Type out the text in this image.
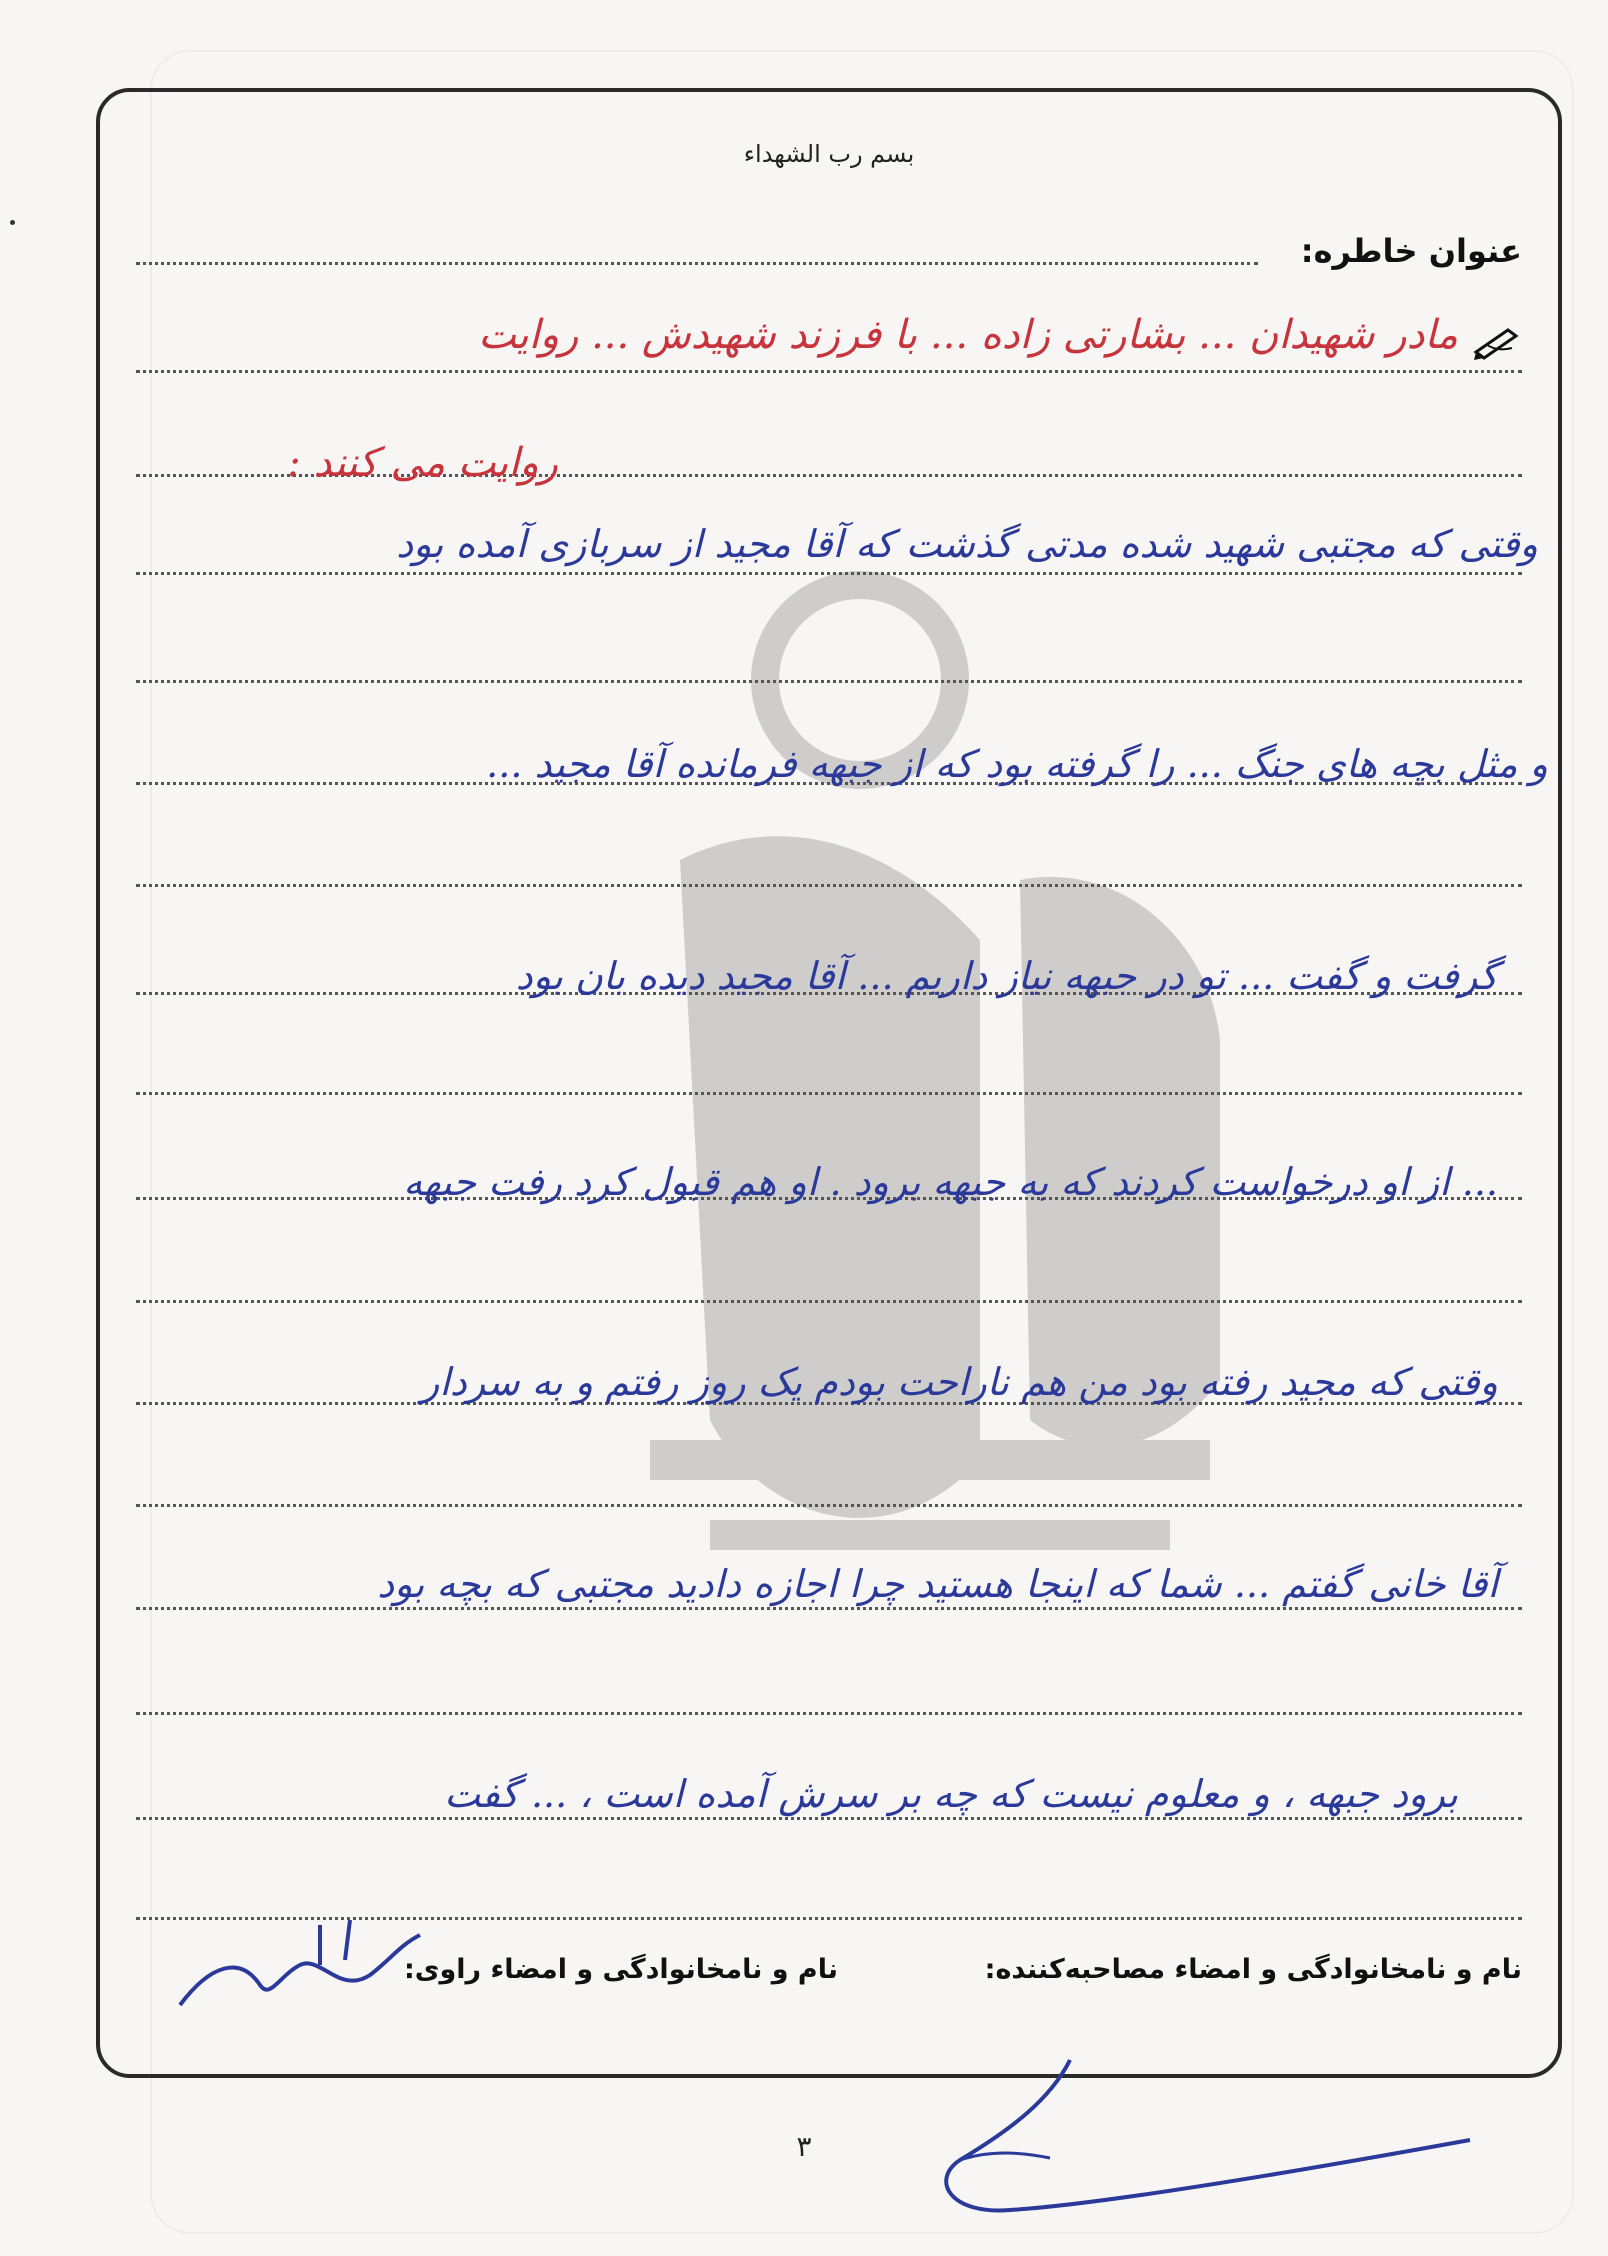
بسم رب الشهداء
عنوان خاطره:
مادر شهیدان ... بشارتی زاده ... با فرزند شهیدش ... روایت
روایت می کنند :
وقتی که مجتبی شهید شده مدتی گذشت که آقا مجید از سربازی آمده بود
و مثل بچه های جنگ ... را گرفته بود که از جبهه فرمانده آقا مجید ...
گرفت و گفت ... تو در جبهه نیاز داریم ... آقا مجید دیده بان بود
... از او درخواست کردند که به جبهه برود . او هم قبول کرد رفت جبهه
وقتی که مجید رفته بود من هم ناراحت بودم یک روز رفتم و به سردار
آقا خانی گفتم ... شما که اینجا هستید چرا اجازه دادید مجتبی که بچه بود
برود جبهه ، و معلوم نیست که چه بر سرش آمده است ، ... گفت
نام و نامخانوادگی و امضاء مصاحبه‌کننده:
نام و نامخانوادگی و امضاء راوی:
۳
